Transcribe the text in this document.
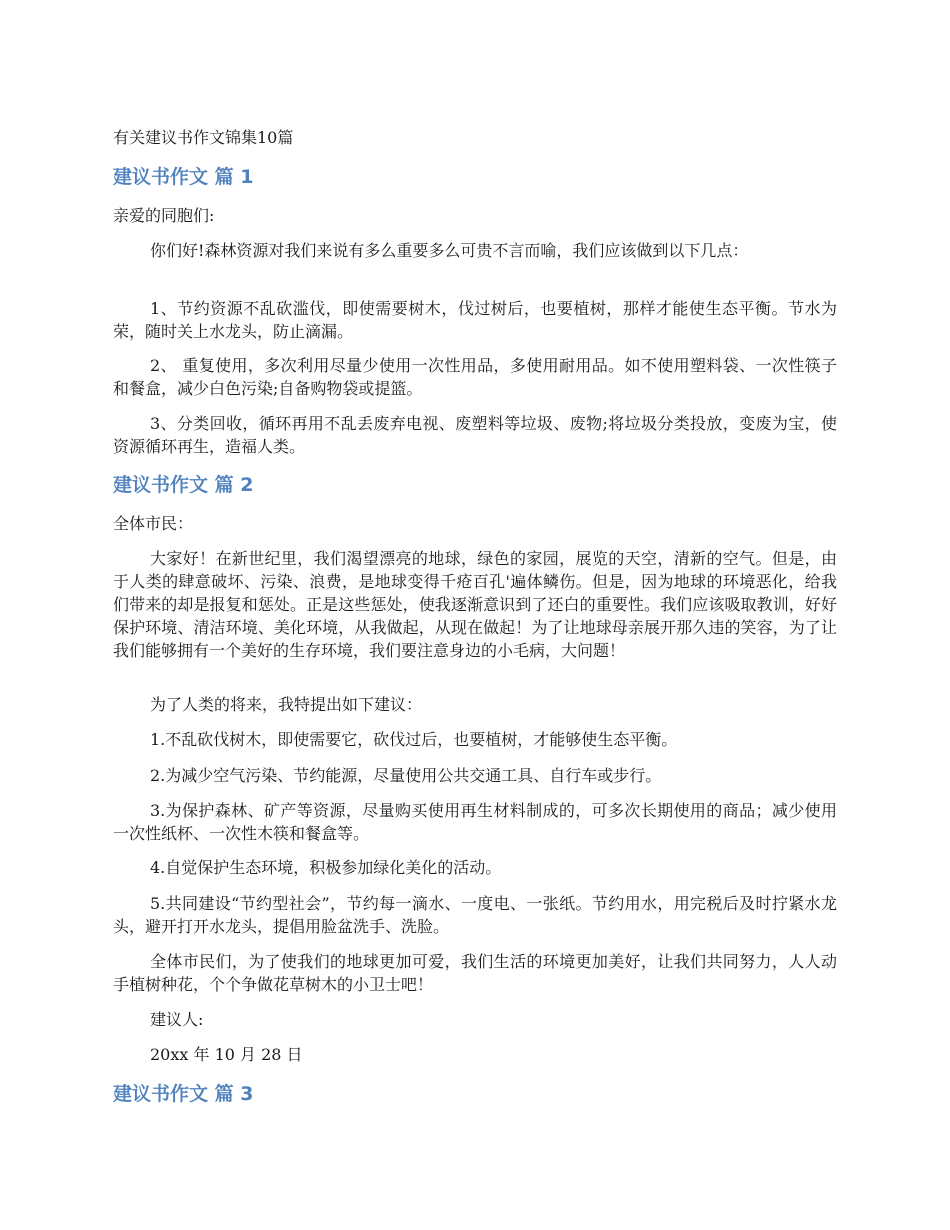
有关建议书作文锦集10篇
建议书作文 篇 1

亲爱的同胞们:

你们好!森林资源对我们来说有多么重要多么可贵不言而喻，我们应该做到以下几点：

1、节约资源不乱砍滥伐，即使需要树木，伐过树后，也要植树，那样才能使生态平衡。节水为荣，随时关上水龙头，防止滴漏。

2、 重复使用，多次利用尽量少使用一次性用品，多使用耐用品。如不使用塑料袋、一次性筷子和餐盒，减少白色污染;自备购物袋或提篮。

3、分类回收，循环再用不乱丢废弃电视、废塑料等垃圾、废物;将垃圾分类投放，变废为宝，使资源循环再生，造福人类。

建议书作文 篇 2

全体市民：

大家好！在新世纪里，我们渴望漂亮的地球，绿色的家园，展览的天空，清新的空气。但是，由于人类的肆意破坏、污染、浪费，是地球变得千疮百孔'遍体鳞伤。但是，因为地球的环境恶化，给我们带来的却是报复和惩处。正是这些惩处，使我逐渐意识到了还白的重要性。我们应该吸取教训，好好保护环境、清洁环境、美化环境，从我做起，从现在做起！为了让地球母亲展开那久违的笑容，为了让我们能够拥有一个美好的生存环境，我们要注意身边的小毛病，大问题！

为了人类的将来，我特提出如下建议：

1.不乱砍伐树木，即使需要它，砍伐过后，也要植树，才能够使生态平衡。

2.为减少空气污染、节约能源，尽量使用公共交通工具、自行车或步行。

3.为保护森林、矿产等资源，尽量购买使用再生材料制成的，可多次长期使用的商品；减少使用一次性纸杯、一次性木筷和餐盒等。

4.自觉保护生态环境，积极参加绿化美化的活动。

5.共同建设“节约型社会”，节约每一滴水、一度电、一张纸。节约用水，用完税后及时拧紧水龙头，避开打开水龙头，提倡用脸盆洗手、洗脸。

全体市民们，为了使我们的地球更加可爱，我们生活的环境更加美好，让我们共同努力，人人动手植树种花，个个争做花草树木的小卫士吧！

建议人:

20xx 年 10 月 28 日

建议书作文 篇 3
